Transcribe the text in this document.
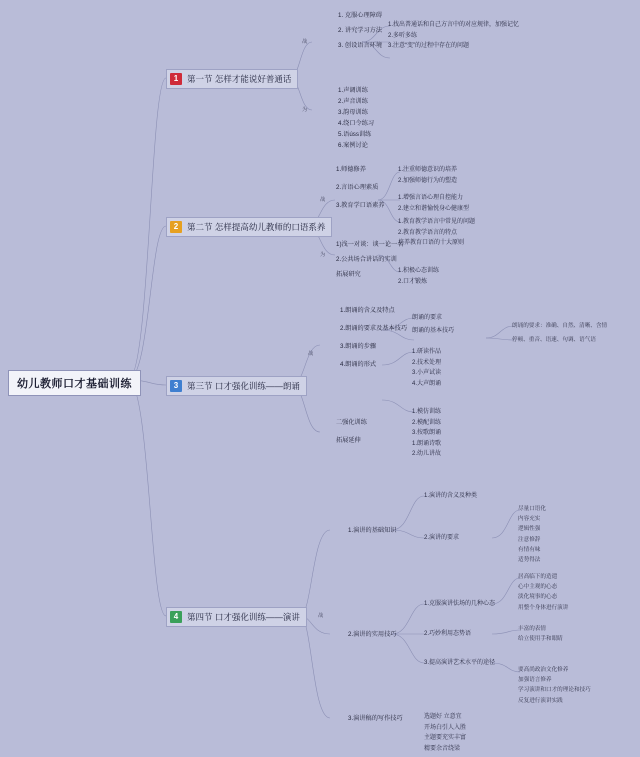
幼儿教师口才基础训练
1	第一节 怎样才能说好普通话
战
为
1. 克服心理障碍
2. 讲究学习方法
3. 创设语言环境
1.找出普通话和自己方言中的对应规律，加强记忆
2.多听多练
3.注意“变”的过程中存在的问题
1.声调训练
2.声音训练
3.韵母训练
4.绕口令练习
5.语úss训练
6.案例讨论
2	第二节 怎样提高幼儿教师的口语系养
战
为
1.师德修养
2.言语心理素质
3.教育学口语素养
1)浅一对谈：谈一论一名
2.公共场合讲话的实训
拓展研究
1.注重师德意识的培养
2.加强师德行为的塑造
1.增强言语心理自控能力
2.建立和谐愉悦身心健康型
1.教育教学语言中常见的问题
2.教育教学语言的特点
培养教育口语的十大原则
1.积极心态训练
2.口才锻炼
3	第三节 口才强化训练——朗诵
战
1.朗诵的含义及特点
2.朗诵的要求及基本技巧
3.朗诵的步骤
4.朗诵的形式
二强化训练
拓展延伸
朗诵的要求
朗诵的基本技巧
朗诵的要求：准确、自然、清晰、含情
停顿、重音、语速、句调、语气语
1.研读作品
2.技术处理
3.小声试读
4.大声朗诵
1.模仿训练
2.模配训练
3.按歌朗诵
1.朗诵诗歌
2.幼儿讲故
4	第四节 口才强化训练——演讲	战
1.演讲的基础知识
2.演讲的实用技巧
3.演讲稿的写作技巧
1.演讲的含义及种类
2.演讲的要求
尽量口语化
内容充实
逻辑性强
注意修辞
有情有味
适势得法
1.克服演讲怯场的几种心态
2.巧妙利用态势语
3.提高演讲艺术水平的途径
居高临下的造遣
心中主观的心态
淡化境事的心态
用整个身体进行演讲
丰富的表情
给立使用手和眼睛
要高尚政治文化修养
加强语言修养
学习演讲和口才的理论和技巧
反复进行演讲实践
选题好 立意宜
开场白引人入胜
主题要充实丰富
精要余音绕梁
